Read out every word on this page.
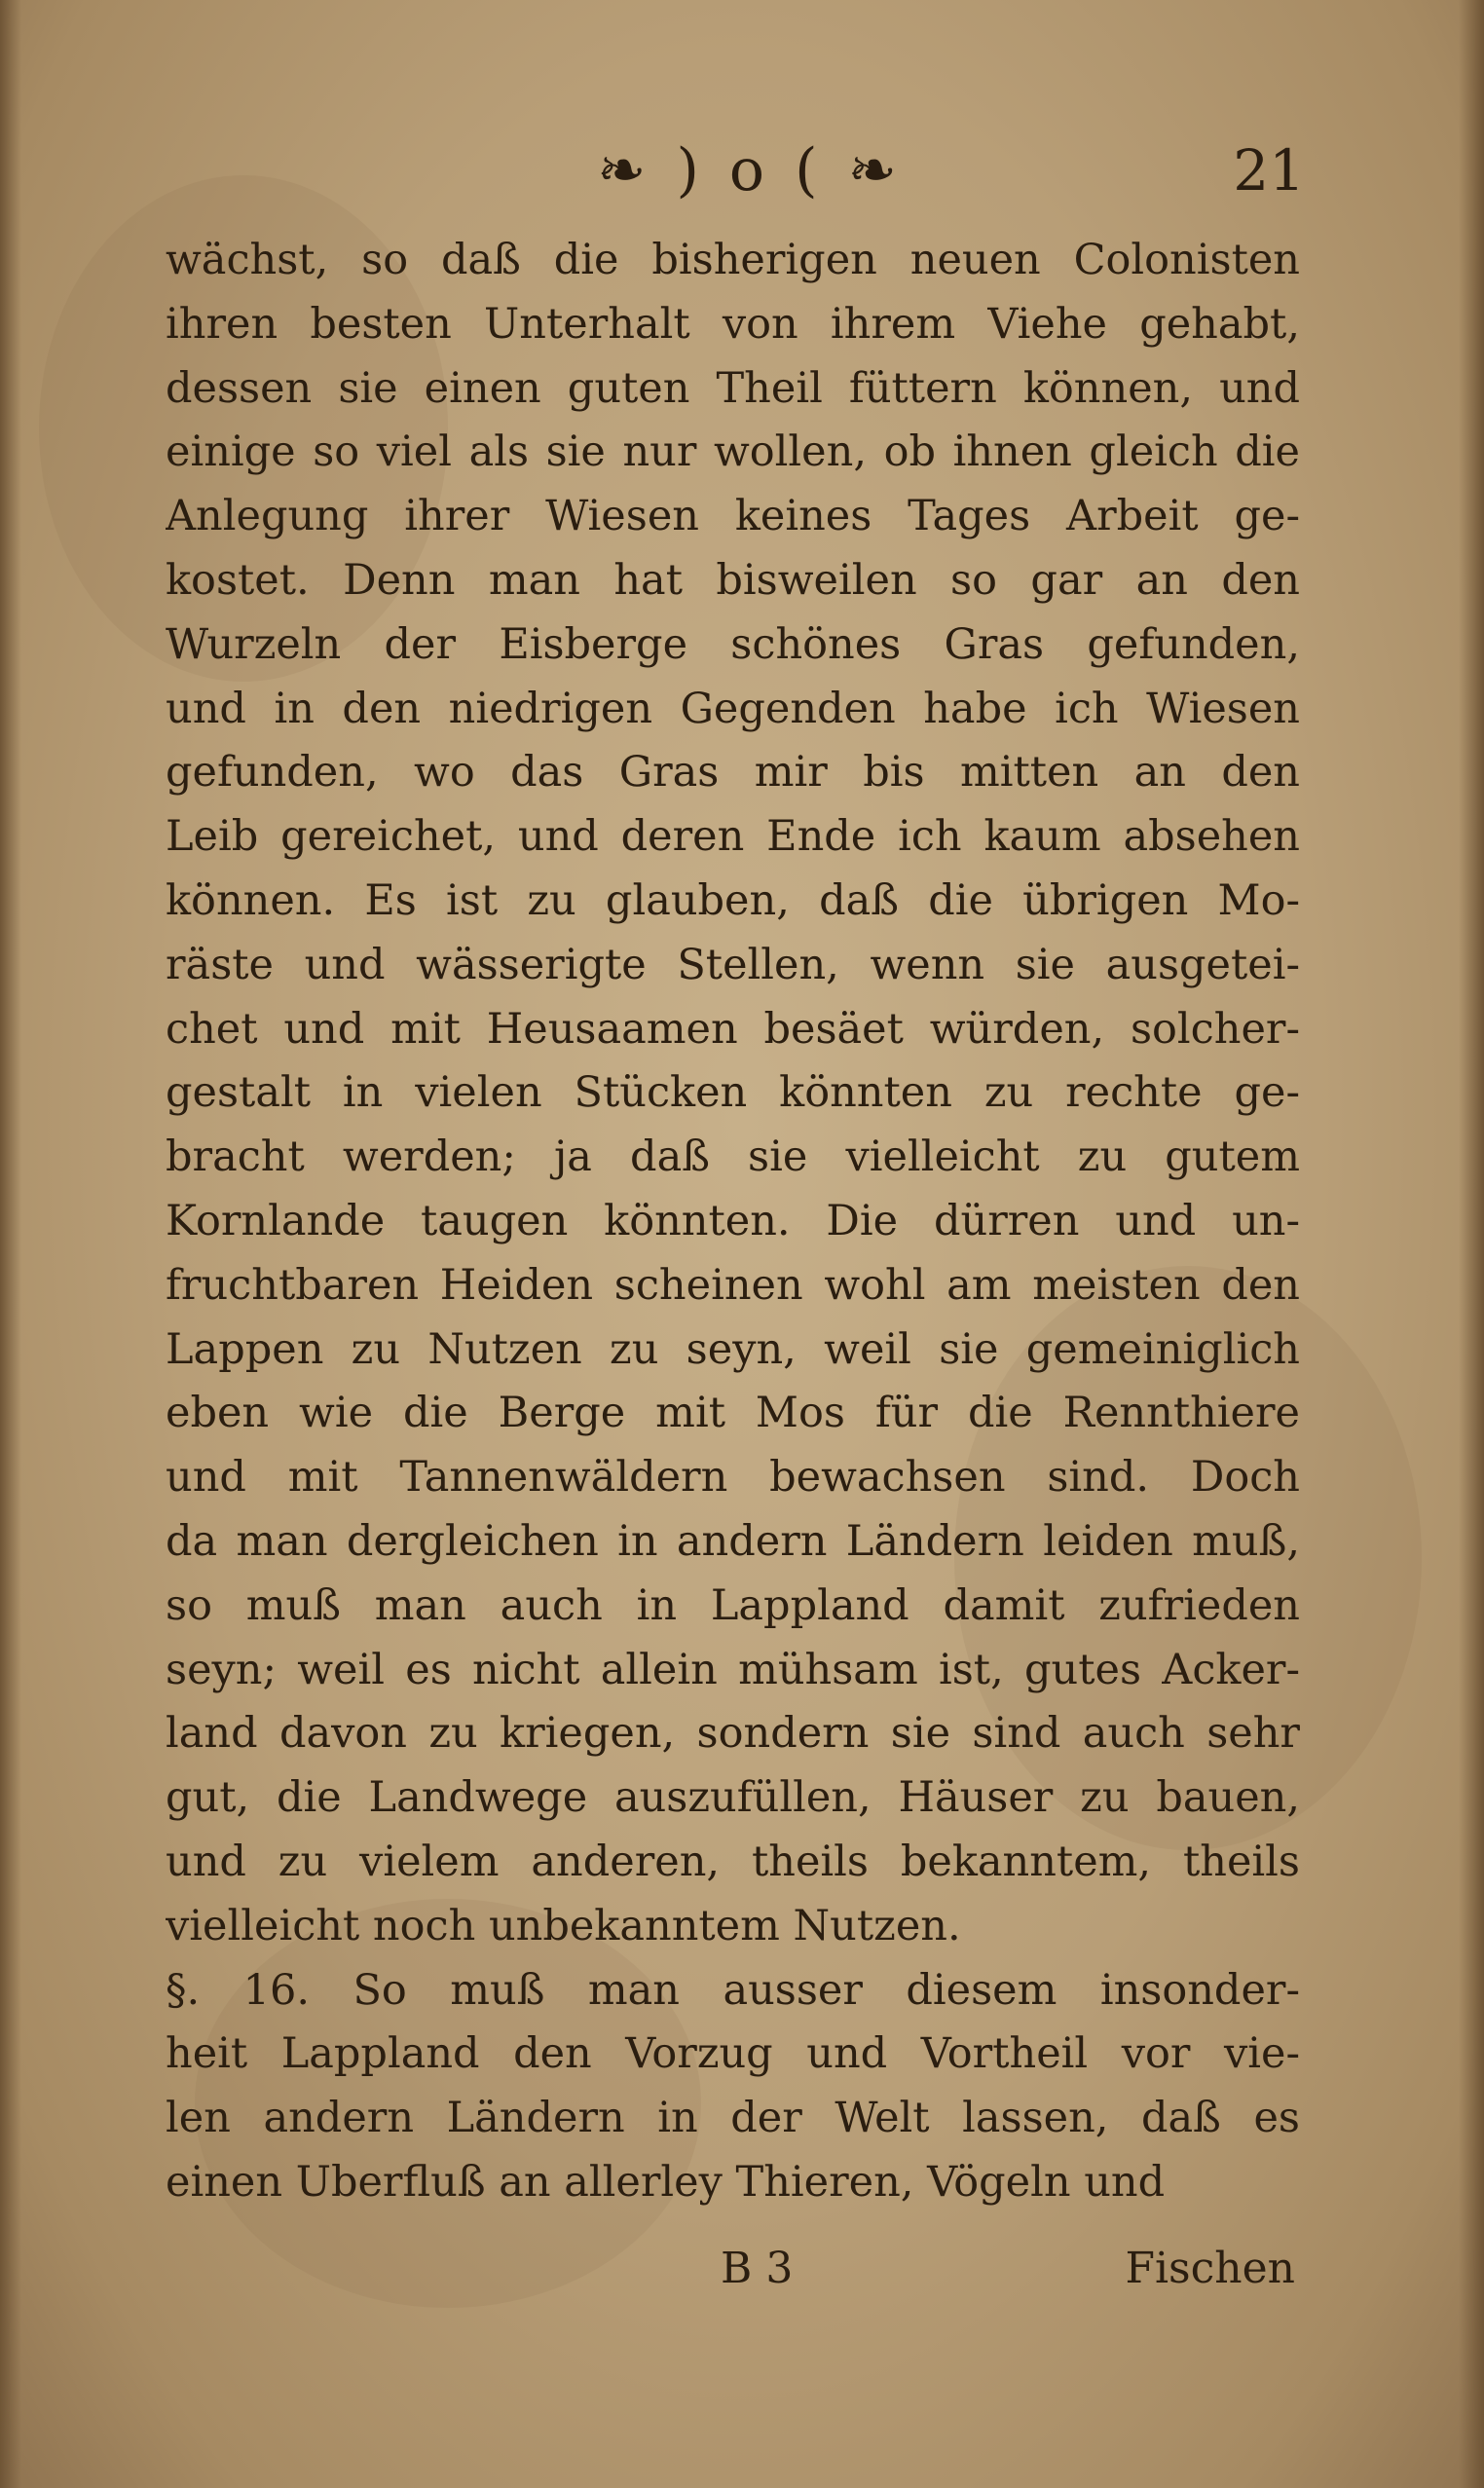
❧ ) o ( ❧	21
wächst, so daß die bisherigen neuen Colonisten
ihren besten Unterhalt von ihrem Viehe gehabt,
dessen sie einen guten Theil füttern können, und
einige so viel als sie nur wollen, ob ihnen gleich die
Anlegung ihrer Wiesen keines Tages Arbeit ge-
kostet. Denn man hat bisweilen so gar an den
Wurzeln der Eisberge schönes Gras gefunden,
und in den niedrigen Gegenden habe ich Wiesen
gefunden, wo das Gras mir bis mitten an den
Leib gereichet, und deren Ende ich kaum absehen
können. Es ist zu glauben, daß die übrigen Mo-
räste und wässerigte Stellen, wenn sie ausgetei-
chet und mit Heusaamen besäet würden, solcher-
gestalt in vielen Stücken könnten zu rechte ge-
bracht werden; ja daß sie vielleicht zu gutem
Kornlande taugen könnten. Die dürren und un-
fruchtbaren Heiden scheinen wohl am meisten den
Lappen zu Nutzen zu seyn, weil sie gemeiniglich
eben wie die Berge mit Mos für die Rennthiere
und mit Tannenwäldern bewachsen sind. Doch
da man dergleichen in andern Ländern leiden muß,
so muß man auch in Lappland damit zufrieden
seyn; weil es nicht allein mühsam ist, gutes Acker-
land davon zu kriegen, sondern sie sind auch sehr
gut, die Landwege auszufüllen, Häuser zu bauen,
und zu vielem anderen, theils bekanntem, theils
vielleicht noch unbekanntem Nutzen.
§. 16. So muß man ausser diesem insonder-
heit Lappland den Vorzug und Vortheil vor vie-
len andern Ländern in der Welt lassen, daß es
einen Uberfluß an allerley Thieren, Vögeln und
B 3	Fischen
